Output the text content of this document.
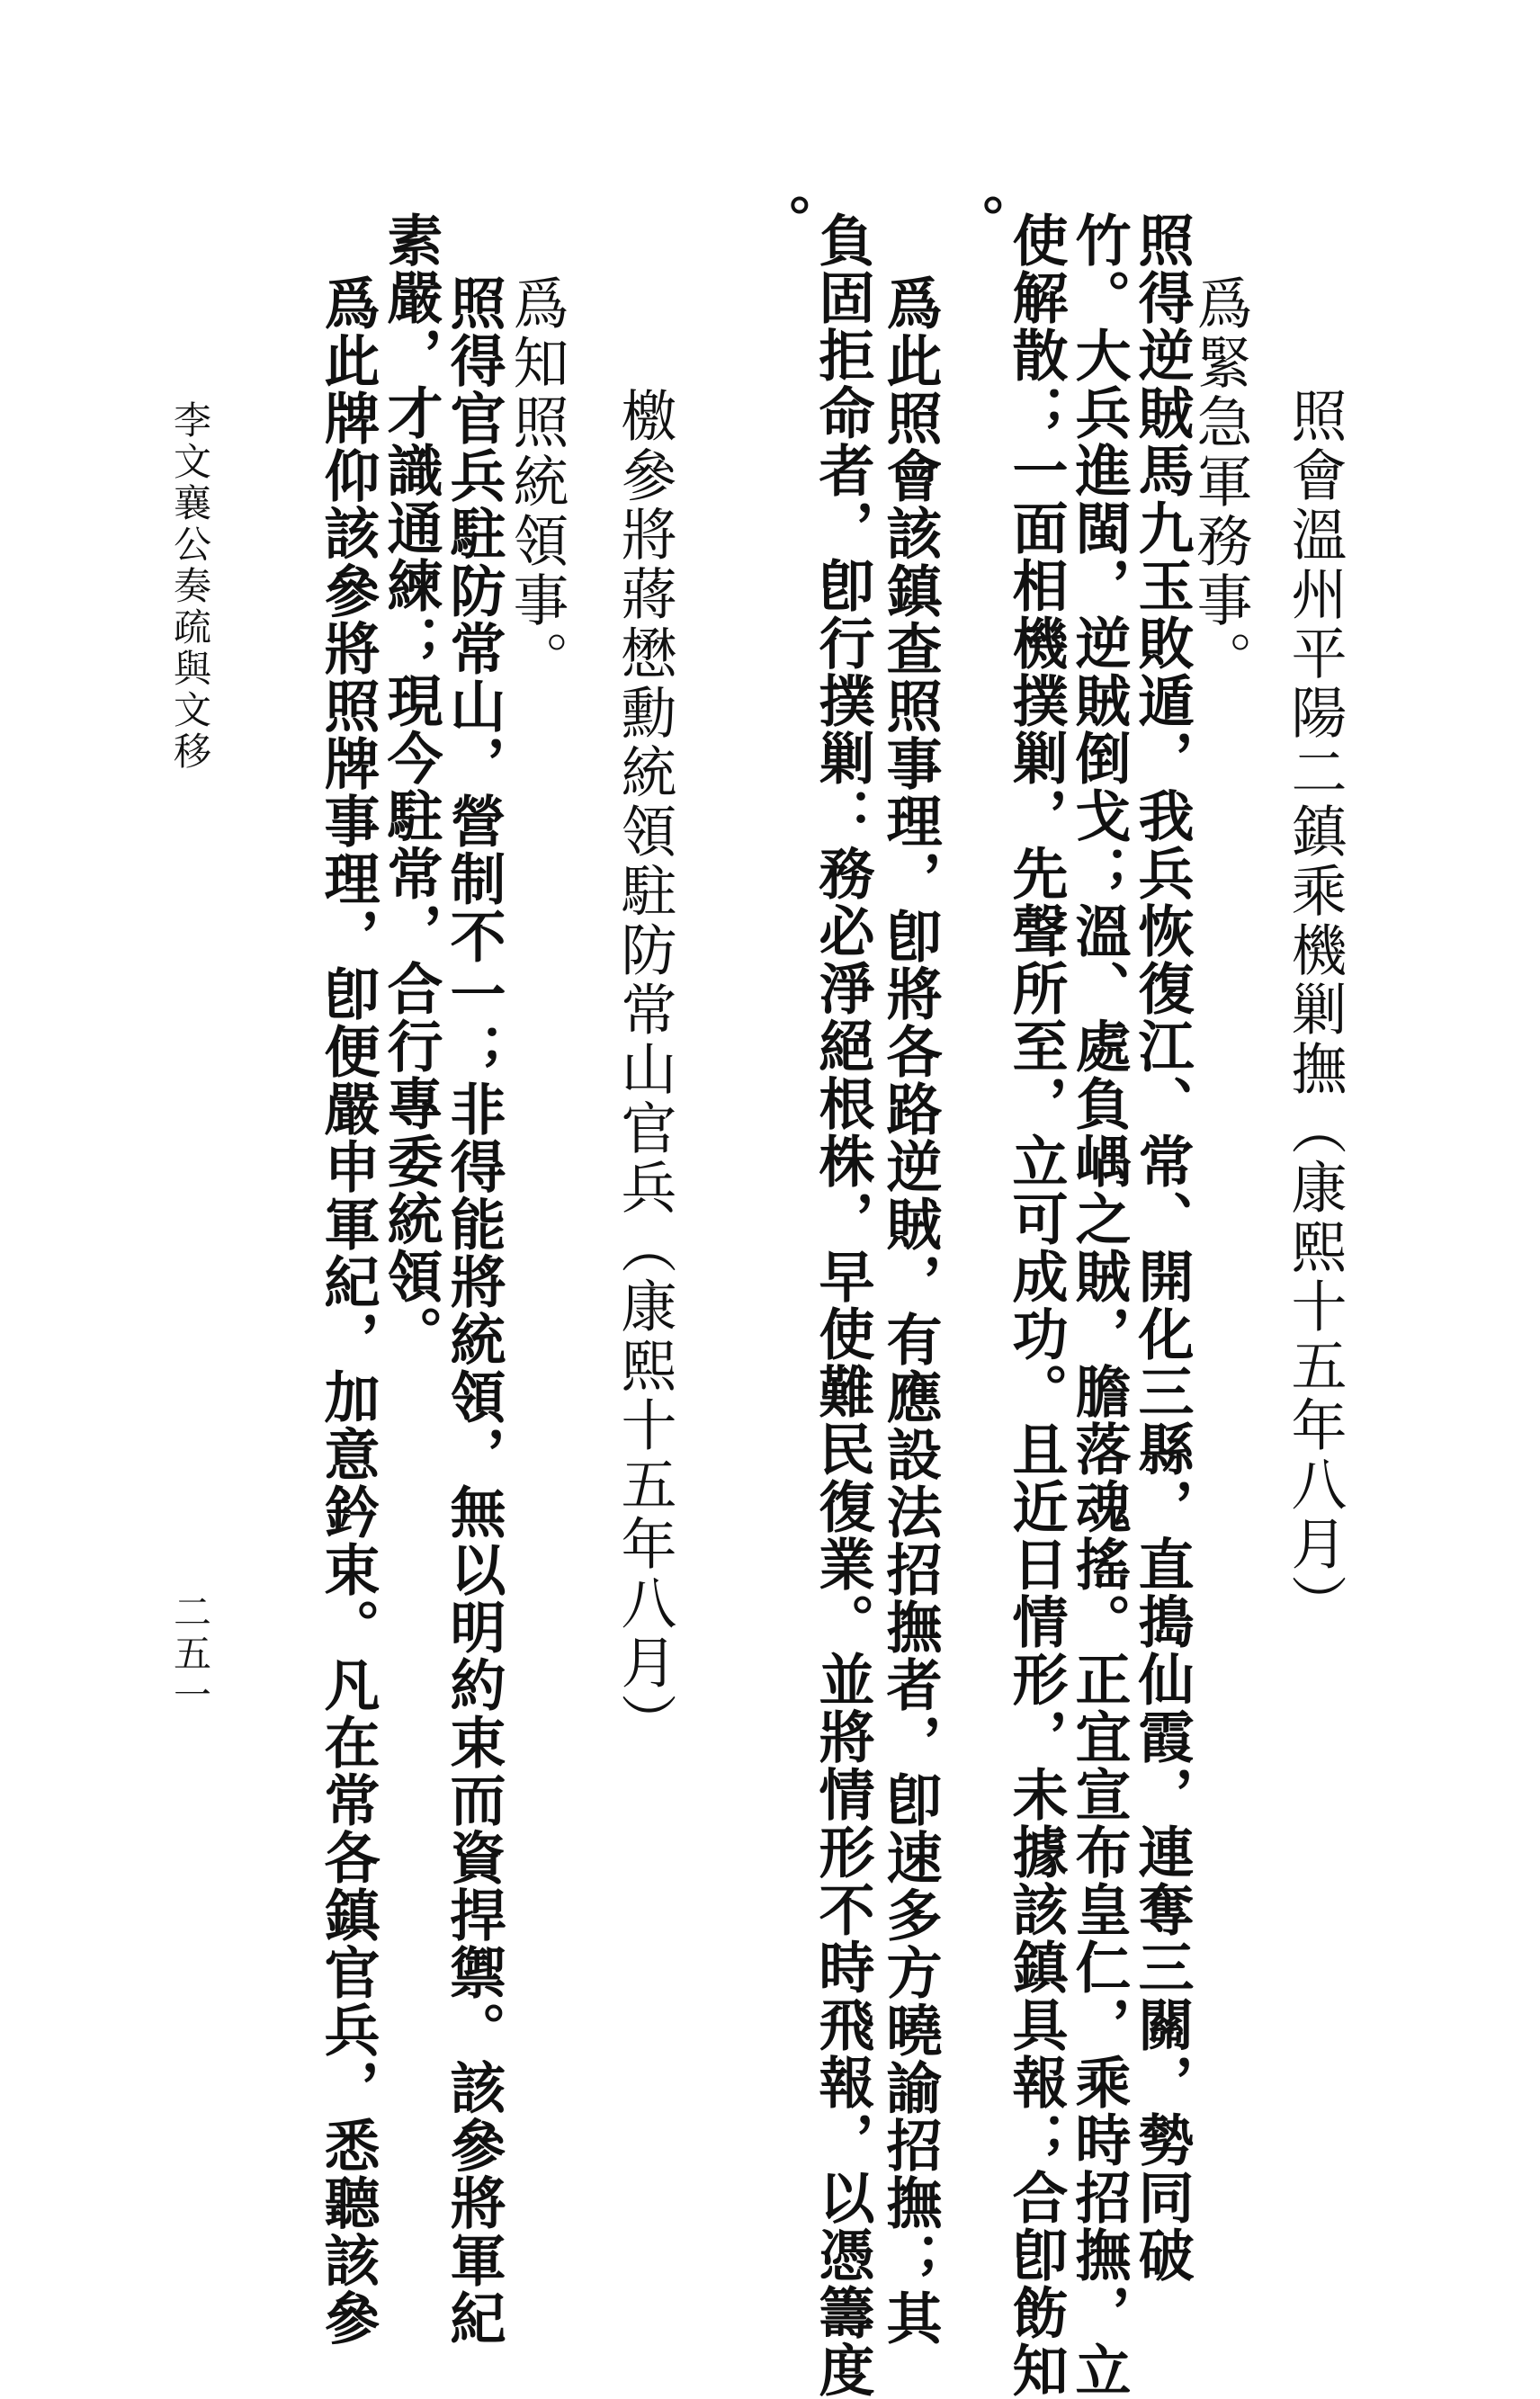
照會溫州平陽二鎮乘機剿撫（康熙十五年八月）
爲緊急軍務事。
照得逆賊馬九玉敗遁，我兵恢復江、常、開化三縣，直搗仙霞，連奪三關，勢同破
竹。大兵進閩，逆賊倒戈；溫、處負嵎之賊，膽落魂搖。正宜宣布皇仁，乘時招撫，立
使解散；一面相機撲剿，先聲所至，立可成功。且近日情形，未據該鎮具報；合卽飭知
。
爲此照會該鎮查照事理，卽將各路逆賊，有應設法招撫者，卽速多方曉諭招撫；其
負固拒命者，卽行撲剿：務必淨絕根株，早使難民復業。並將情形不時飛報，以憑籌度
。
檄參將蔣懋勳統領駐防常山官兵（康熙十五年八月）
爲知照統領事。
照得官兵駐防常山，營制不一；非得能將統領，無以明約束而資捍禦。該參將軍紀
素嚴，才識通練；現今駐常，合行專委統領。
爲此牌仰該參將照牌事理，卽便嚴申軍紀，加意鈐束。凡在常各鎮官兵，悉聽該參
李文襄公奏疏與文移
二五一
